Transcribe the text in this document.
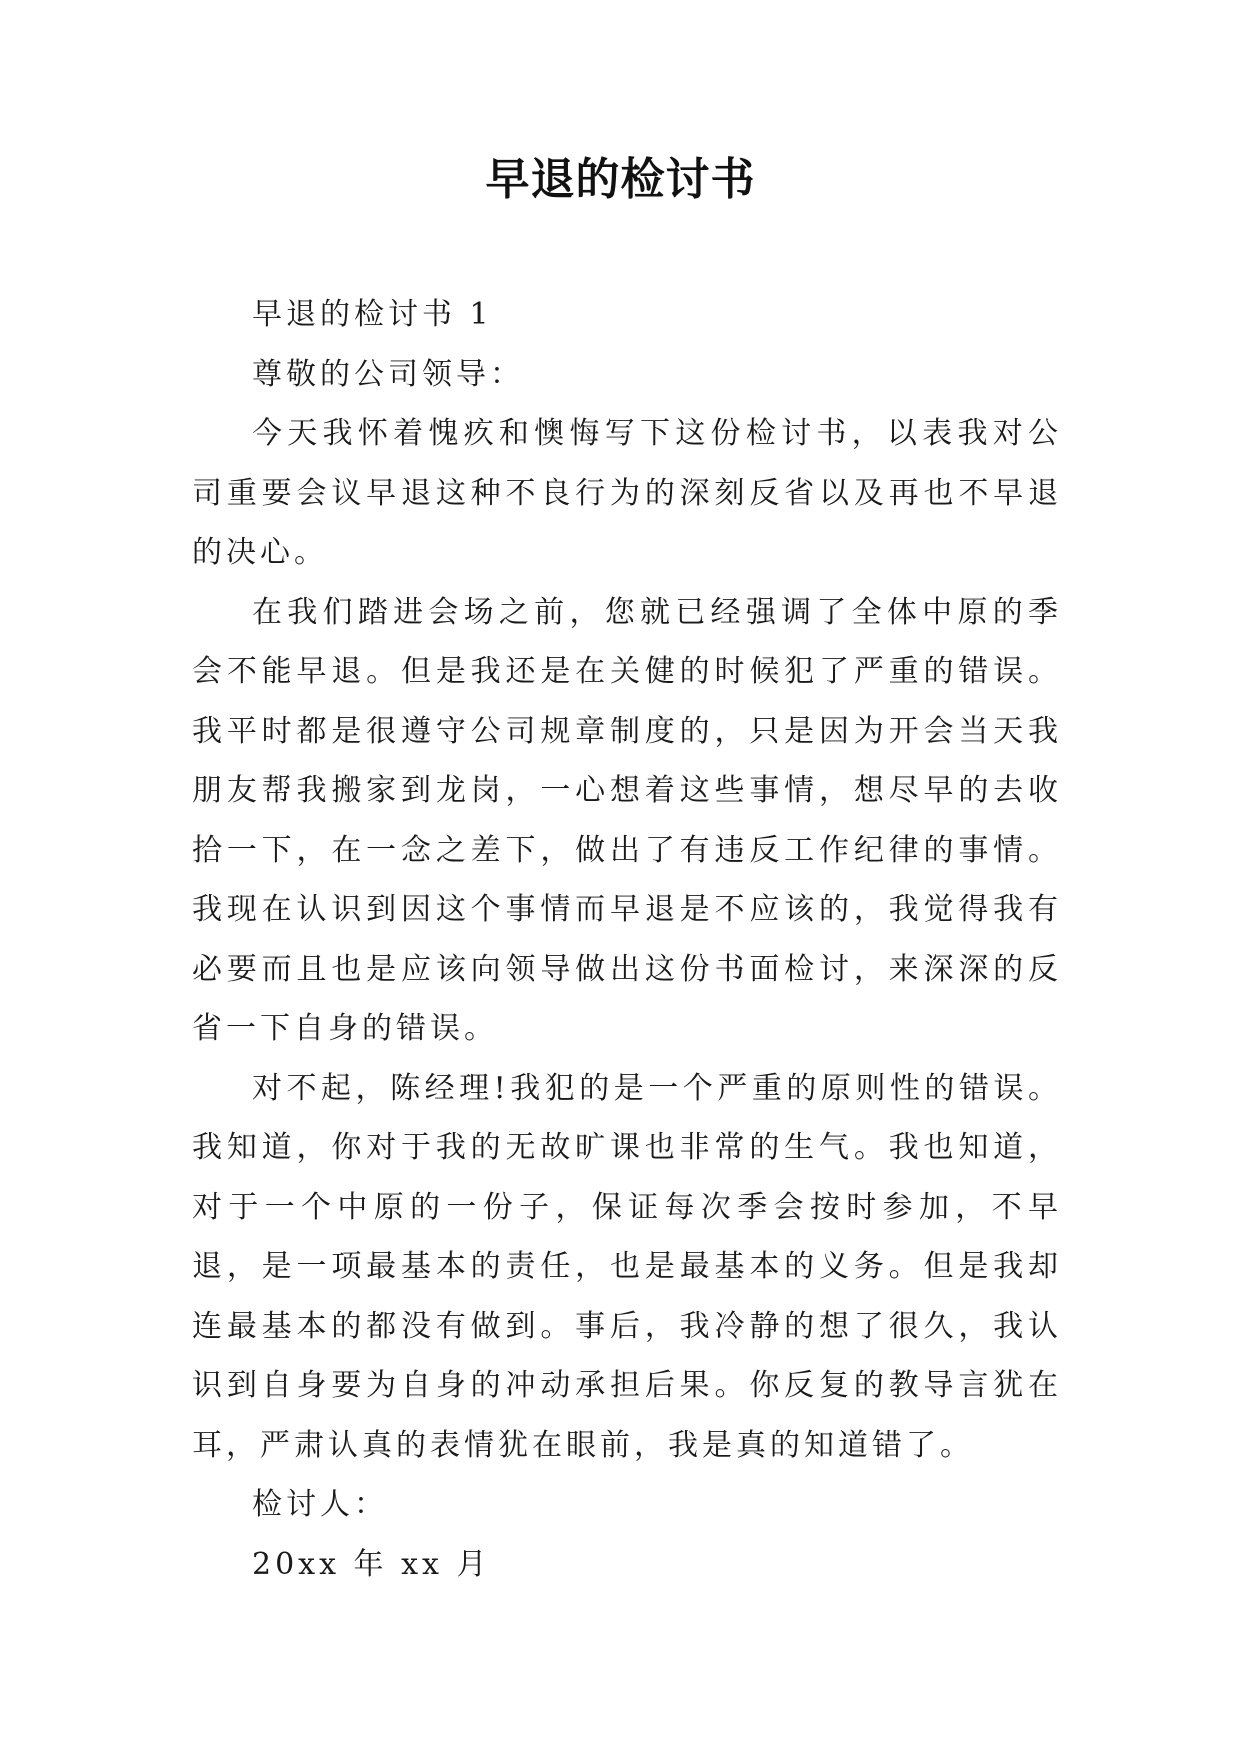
早退的检讨书

早退的检讨书 1

尊敬的公司领导：

今天我怀着愧疚和懊悔写下这份检讨书，以表我对公司重要会议早退这种不良行为的深刻反省以及再也不早退的决心。

在我们踏进会场之前，您就已经强调了全体中原的季会不能早退。但是我还是在关健的时候犯了严重的错误。我平时都是很遵守公司规章制度的，只是因为开会当天我朋友帮我搬家到龙岗，一心想着这些事情，想尽早的去收拾一下，在一念之差下，做出了有违反工作纪律的事情。我现在认识到因这个事情而早退是不应该的，我觉得我有必要而且也是应该向领导做出这份书面检讨，来深深的反省一下自身的错误。

对不起，陈经理!我犯的是一个严重的原则性的错误。我知道，你对于我的无故旷课也非常的生气。我也知道，对于一个中原的一份子，保证每次季会按时参加，不早退，是一项最基本的责任，也是最基本的义务。但是我却连最基本的都没有做到。事后，我冷静的想了很久，我认识到自身要为自身的冲动承担后果。你反复的教导言犹在耳，严肃认真的表情犹在眼前，我是真的知道错了。

检讨人：

20xx 年 xx 月
